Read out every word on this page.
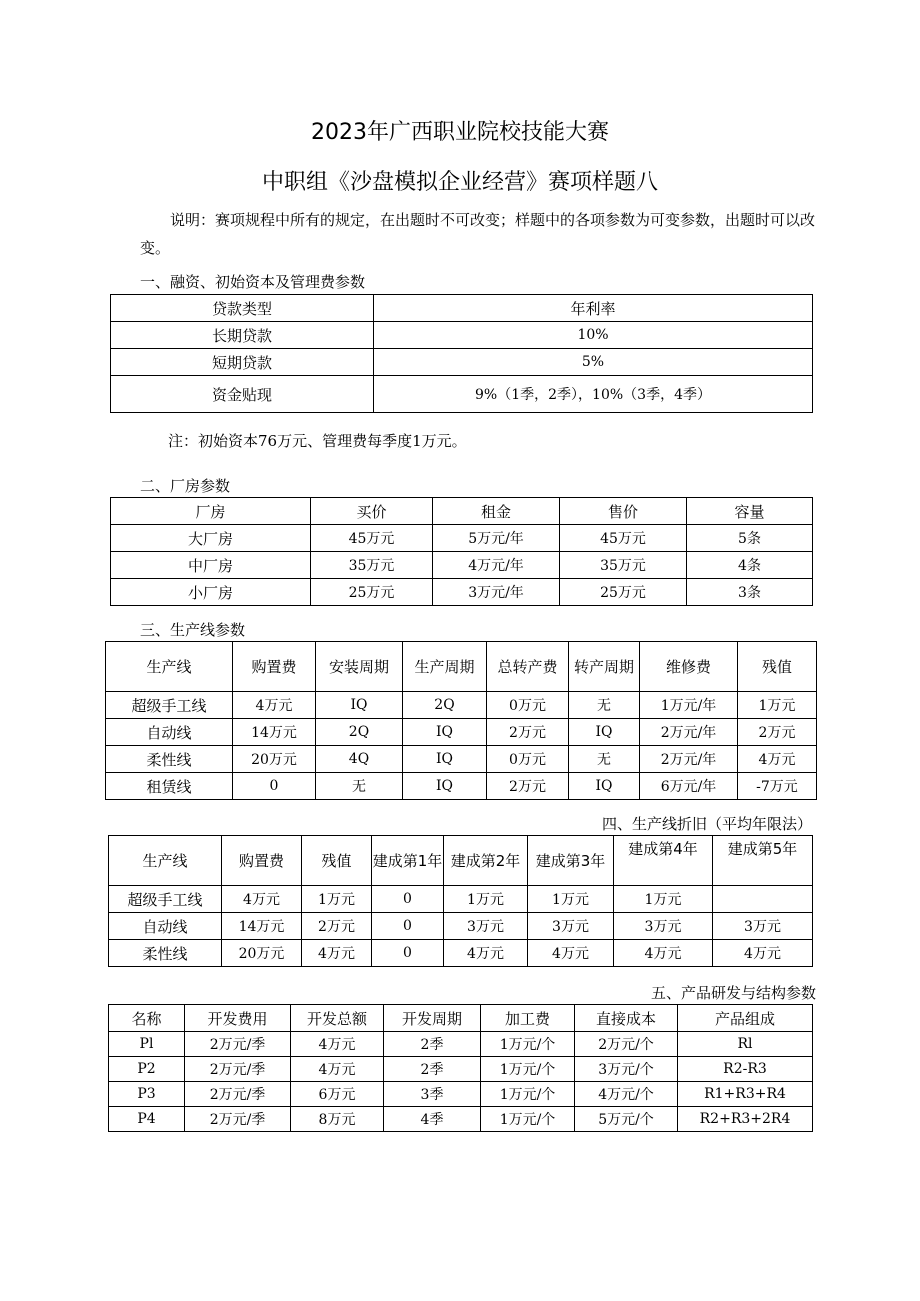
2023年广西职业院校技能大赛
中职组《沙盘模拟企业经营》赛项样题八
说明：赛项规程中所有的规定，在出题时不可改变；样题中的各项参数为可变参数，出题时可以改变。
一、融资、初始资本及管理费参数
贷款类型	年利率
长期贷款	10%
短期贷款	5%
资金贴现	9%（1季，2季），10%（3季，4季）
注：初始资本76万元、管理费每季度1万元。
二、厂房参数
厂房	买价	租金	售价	容量
大厂房	45万元	5万元/年	45万元	5条
中厂房	35万元	4万元/年	35万元	4条
小厂房	25万元	3万元/年	25万元	3条
三、生产线参数
生产线	购置费	安装周期	生产周期	总转产费	转产周期	维修费	残值
超级手工线	4万元	IQ	2Q	0万元	无	1万元/年	1万元
自动线	14万元	2Q	IQ	2万元	IQ	2万元/年	2万元
柔性线	20万元	4Q	IQ	0万元	无	2万元/年	4万元
租赁线	0	无	IQ	2万元	IQ	6万元/年	-7万元
四、生产线折旧（平均年限法）
生产线	购置费	残值	建成第1年	建成第2年	建成第3年	建成第4年	建成第5年
超级手工线	4万元	1万元	0	1万元	1万元	1万元	
自动线	14万元	2万元	0	3万元	3万元	3万元	3万元
柔性线	20万元	4万元	0	4万元	4万元	4万元	4万元
五、产品研发与结构参数
名称	开发费用	开发总额	开发周期	加工费	直接成本	产品组成
Pl	2万元/季	4万元	2季	1万元/个	2万元/个	Rl
P2	2万元/季	4万元	2季	1万元/个	3万元/个	R2-R3
P3	2万元/季	6万元	3季	1万元/个	4万元/个	R1+R3+R4
P4	2万元/季	8万元	4季	1万元/个	5万元/个	R2+R3+2R4
